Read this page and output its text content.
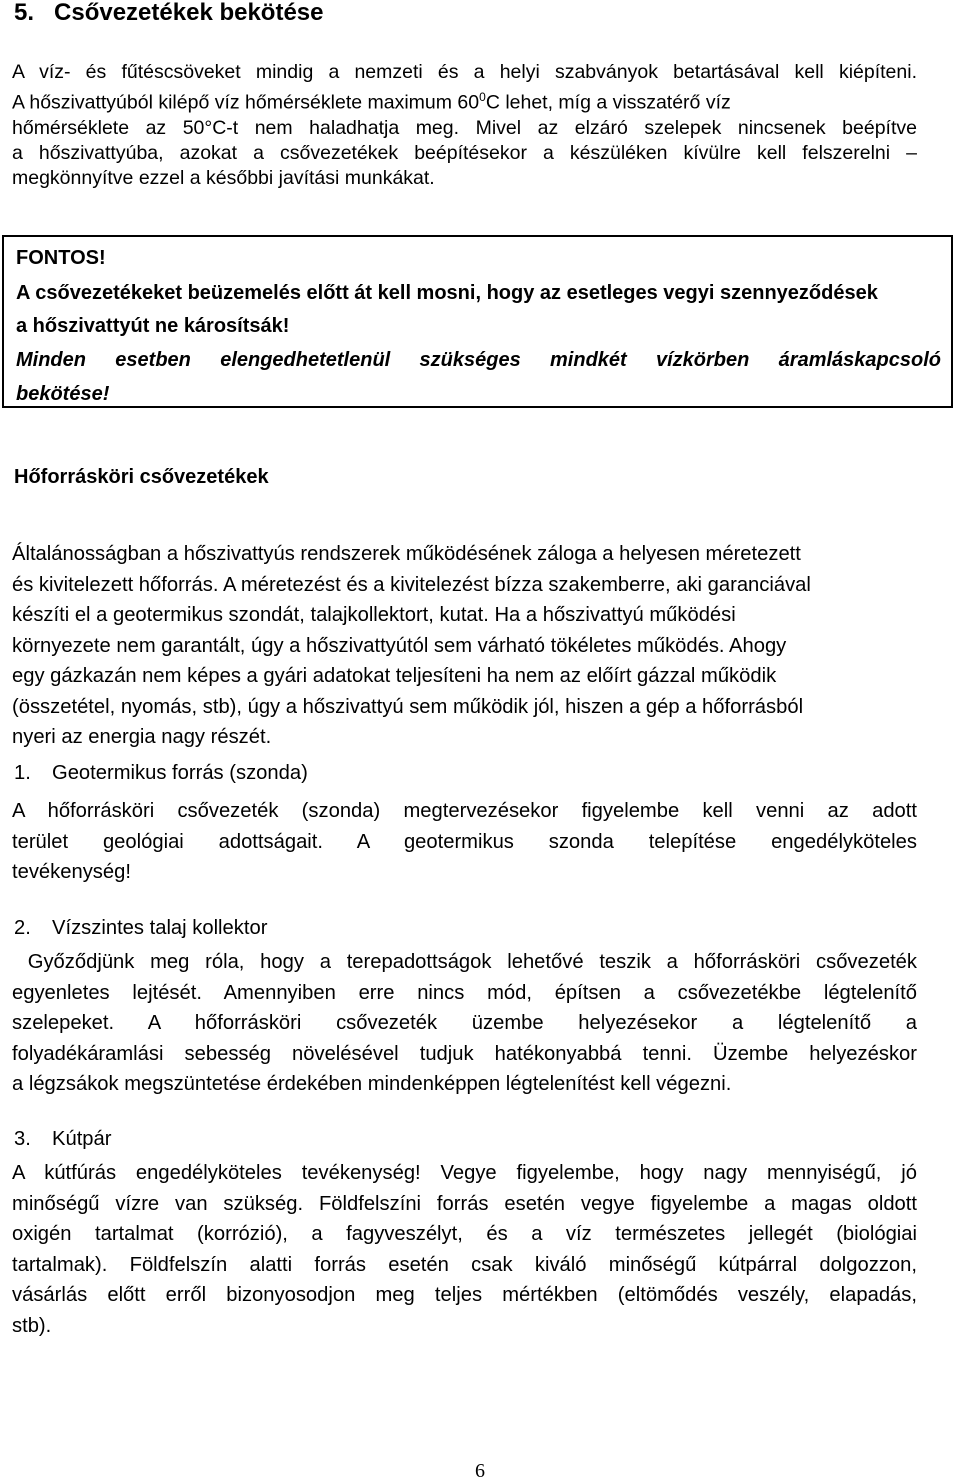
5.   Csővezetékek bekötése
A víz- és fűtéscsöveket mindig a nemzeti és a helyi szabványok betartásával kell kiépíteni.
A hőszivattyúból kilépő víz hőmérséklete maximum $60^0C$ lehet, míg a visszatérő víz
hőmérséklete az 50°C-t nem haladhatja meg. Mivel az elzáró szelepek nincsenek beépítve
a hőszivattyúba, azokat a csővezetékek beépítésekor a készüléken kívülre kell felszerelni –
megkönnyítve ezzel a későbbi javítási munkákat.

FONTOS!

A csővezetékeket beüzemelés előtt át kell mosni, hogy az esetleges vegyi szennyeződések

a hőszivattyút ne károsítsák!

Minden esetben elengedhetetlenül szükséges mindkét vízkörben áramláskapcsoló

bekötése!

Hőforrásköri csővezetékek

Általánosságban a hőszivattyús rendszerek működésének záloga a helyesen méretezett
és kivitelezett hőforrás. A méretezést és a kivitelezést bízza szakemberre, aki garanciával
készíti el a geotermikus szondát, talajkollektort, kutat. Ha a hőszivattyú működési
környezete nem garantált, úgy a hőszivattyútól sem várható tökéletes működés. Ahogy
egy gázkazán nem képes a gyári adatokat teljesíteni ha nem az előírt gázzal működik
(összetétel, nyomás, stb), úgy a hőszivattyú sem működik jól, hiszen a gép a hőforrásból
nyeri az energia nagy részét.

1. Geotermikus forrás (szonda)

A hőforrásköri csővezeték (szonda) megtervezésekor figyelembe kell venni az adott
terület geológiai adottságait. A geotermikus szonda telepítése engedélyköteles
tevékenység!

2. Vízszintes talaj kollektor

Győződjünk meg róla, hogy a terepadottságok lehetővé teszik a hőforrásköri csővezeték
egyenletes lejtését. Amennyiben erre nincs mód, építsen a csővezetékbe légtelenítő
szelepeket. A hőforrásköri csővezeték üzembe helyezésekor a légtelenítő a
folyadékáramlási sebesség növelésével tudjuk hatékonyabbá tenni. Üzembe helyezéskor
a légzsákok megszüntetése érdekében mindenképpen légtelenítést kell végezni.

3. Kútpár

A kútfúrás engedélyköteles tevékenység! Vegye figyelembe, hogy nagy mennyiségű, jó
minőségű vízre van szükség. Földfelszíni forrás esetén vegye figyelembe a magas oldott
oxigén tartalmat (korrózió), a fagyveszélyt, és a víz természetes jellegét (biológiai
tartalmak). Földfelszín alatti forrás esetén csak kiváló minőségű kútpárral dolgozzon,
vásárlás előtt erről bizonyosodjon meg teljes mértékben (eltömődés veszély, elapadás,
stb).
6
